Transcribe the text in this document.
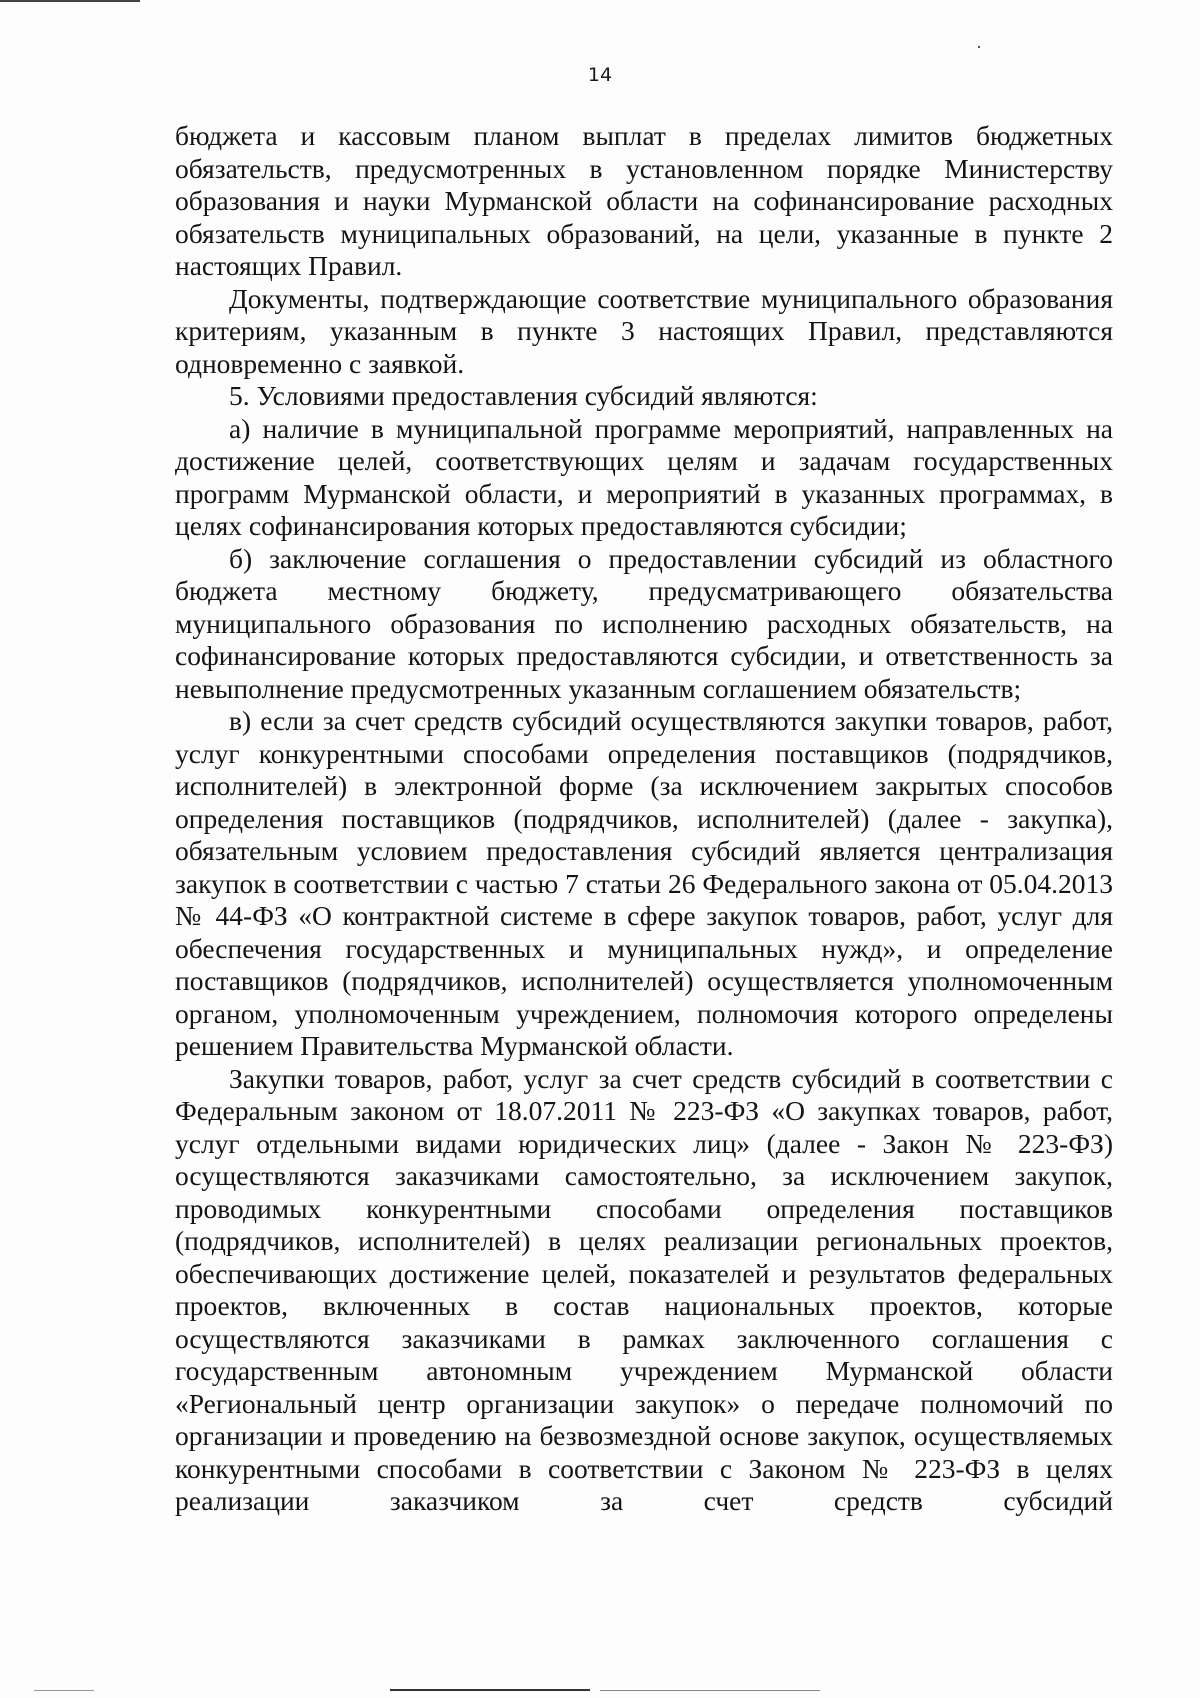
14

бюджета и кассовым планом выплат в пределах лимитов бюджетных обязательств, предусмотренных в установленном порядке Министерству образования и науки Мурманской области на софинансирование расходных обязательств муниципальных образований, на цели, указанные в пункте 2 настоящих Правил.

Документы, подтверждающие соответствие муниципального образования критериям, указанным в пункте 3 настоящих Правил, представляются одновременно с заявкой.

5. Условиями предоставления субсидий являются:

а) наличие в муниципальной программе мероприятий, направленных на достижение целей, соответствующих целям и задачам государственных программ Мурманской области, и мероприятий в указанных программах, в целях софинансирования которых предоставляются субсидии;

б) заключение соглашения о предоставлении субсидий из областного бюджета местному бюджету, предусматривающего обязательства муниципального образования по исполнению расходных обязательств, на софинансирование которых предоставляются субсидии, и ответственность за невыполнение предусмотренных указанным соглашением обязательств;

в) если за счет средств субсидий осуществляются закупки товаров, работ, услуг конкурентными способами определения поставщиков (подрядчиков, исполнителей) в электронной форме (за исключением закрытых способов определения поставщиков (подрядчиков, исполнителей) (далее - закупка), обязательным условием предоставления субсидий является централизация закупок в соответствии с частью 7 статьи 26 Федерального закона от 05.04.2013 № 44-ФЗ «О контрактной системе в сфере закупок товаров, работ, услуг для обеспечения государственных и муниципальных нужд», и определение поставщиков (подрядчиков, исполнителей) осуществляется уполномоченным органом, уполномоченным учреждением, полномочия которого определены решением Правительства Мурманской области.

Закупки товаров, работ, услуг за счет средств субсидий в соответствии с Федеральным законом от 18.07.2011 № 223-ФЗ «О закупках товаров, работ, услуг отдельными видами юридических лиц» (далее - Закон № 223-ФЗ) осуществляются заказчиками самостоятельно, за исключением закупок, проводимых конкурентными способами определения поставщиков (подрядчиков, исполнителей) в целях реализации региональных проектов, обеспечивающих достижение целей, показателей и результатов федеральных проектов, включенных в состав национальных проектов, которые осуществляются заказчиками в рамках заключенного соглашения с государственным автономным учреждением Мурманской области «Региональный центр организации закупок» о передаче полномочий по организации и проведению на безвозмездной основе закупок, осуществляемых конкурентными способами в соответствии с Законом № 223-ФЗ в целях реализации заказчиком за счет средств субсидий
